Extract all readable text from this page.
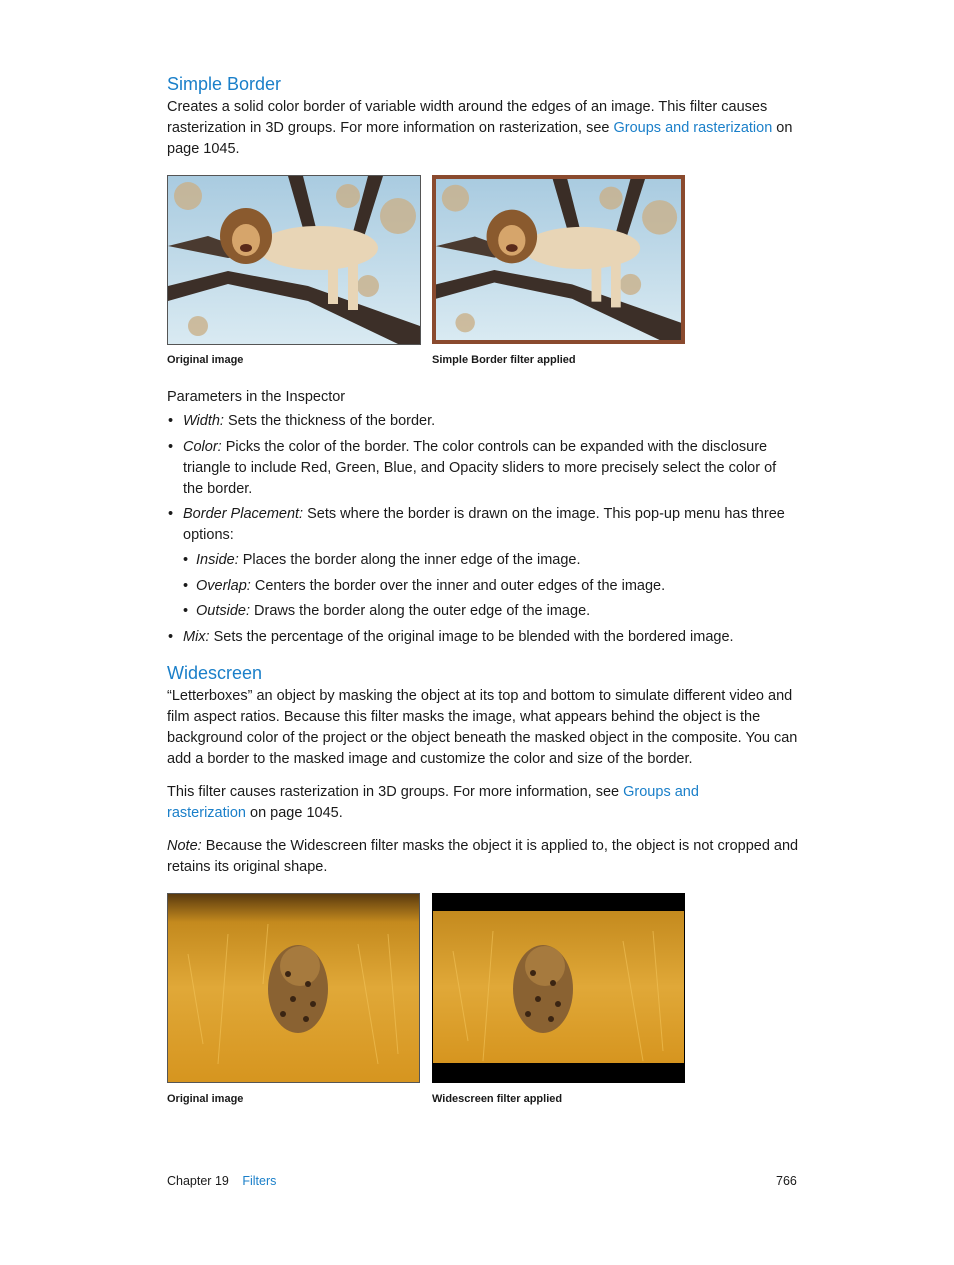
Simple Border
Creates a solid color border of variable width around the edges of an image. This filter causes rasterization in 3D groups. For more information on rasterization, see Groups and rasterization on page 1045.
Original image	Simple Border filter applied
Parameters in the Inspector
• Width: Sets the thickness of the border.
• Color: Picks the color of the border. The color controls can be expanded with the disclosure triangle to include Red, Green, Blue, and Opacity sliders to more precisely select the color of the border.
• Border Placement: Sets where the border is drawn on the image. This pop-up menu has three options:
• Inside: Places the border along the inner edge of the image.
• Overlap: Centers the border over the inner and outer edges of the image.
• Outside: Draws the border along the outer edge of the image.
• Mix: Sets the percentage of the original image to be blended with the bordered image.
Widescreen
“Letterboxes” an object by masking the object at its top and bottom to simulate different video and film aspect ratios. Because this filter masks the image, what appears behind the object is the background color of the project or the object beneath the masked object in the composite. You can add a border to the masked image and customize the color and size of the border.
This filter causes rasterization in 3D groups. For more information, see Groups and rasterization on page 1045.
Note: Because the Widescreen filter masks the object it is applied to, the object is not cropped and retains its original shape.
Original image	Widescreen filter applied
Chapter 19 Filters	766
